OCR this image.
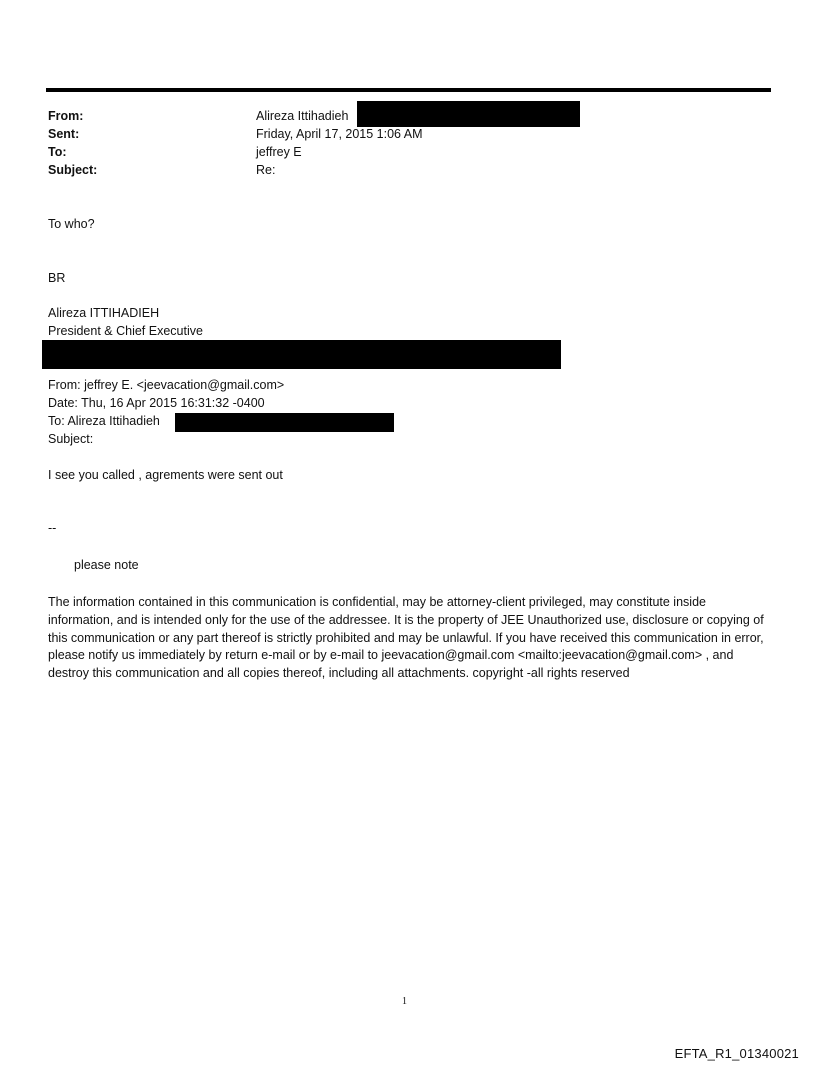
From:	Alireza Ittihadieh
Sent:	Friday, April 17, 2015 1:06 AM
To:	jeffrey E
Subject:	Re:
To who?
BR
Alireza ITTIHADIEH
President & Chief Executive
From: jeffrey E. <jeevacation@gmail.com>
Date: Thu, 16 Apr 2015 16:31:32 -0400
To: Alireza Ittihadieh
Subject:
I see you called , agrements were sent out
--
please note
The information contained in this communication is confidential, may be attorney-client privileged, may constitute inside information, and is intended only for the use of the addressee. It is the property of JEE Unauthorized use, disclosure or copying of this communication or any part thereof is strictly prohibited and may be unlawful. If you have received this communication in error, please notify us immediately by return e-mail or by e-mail to jeevacation@gmail.com <mailto:jeevacation@gmail.com> , and destroy this communication and all copies thereof, including all attachments. copyright -all rights reserved
1
EFTA_R1_01340021
